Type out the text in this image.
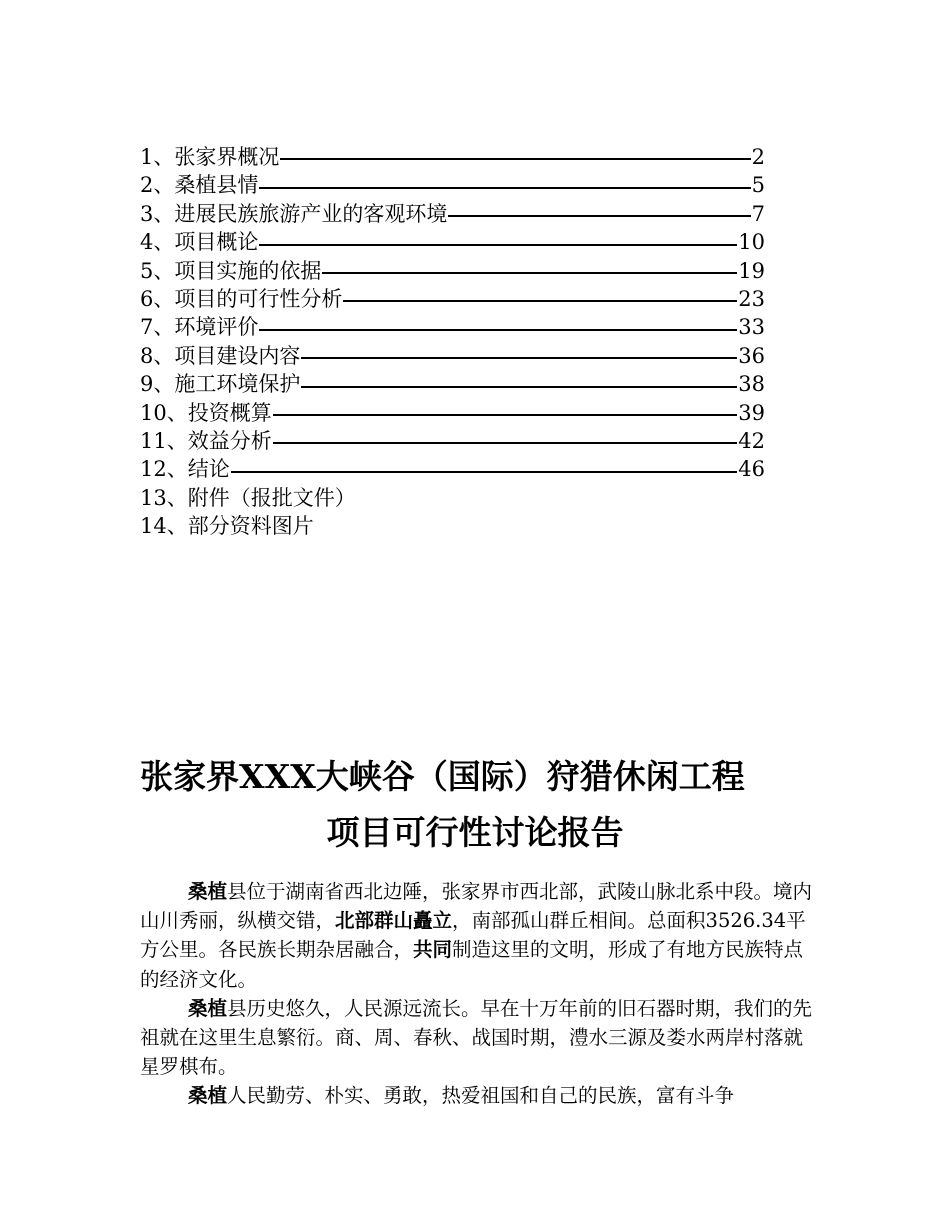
1、张家界概况	2
2、桑植县情	5
3、进展民族旅游产业的客观环境	7
4、项目概论	10
5、项目实施的依据	19
6、项目的可行性分析	23
7、环境评价	33
8、项目建设内容	36
9、施工环境保护	38
10、投资概算	39
11、效益分析	42
12、结论	46
13、附件（报批文件）
14、部分资料图片
张家界XXX大峡谷（国际）狩猎休闲工程
项目可行性讨论报告

桑植县位于湖南省西北边陲，张家界市西北部，武陵山脉北系中段。境内山川秀丽，纵横交错，北部群山矗立，南部孤山群丘相间。总面积3526.34平方公里。各民族长期杂居融合，共同制造这里的文明，形成了有地方民族特点的经济文化。

桑植县历史悠久，人民源远流长。早在十万年前的旧石器时期，我们的先祖就在这里生息繁衍。商、周、春秋、战国时期，澧水三源及娄水两岸村落就星罗棋布。

桑植人民勤劳、朴实、勇敢，热爱祖国和自己的民族，富有斗争
